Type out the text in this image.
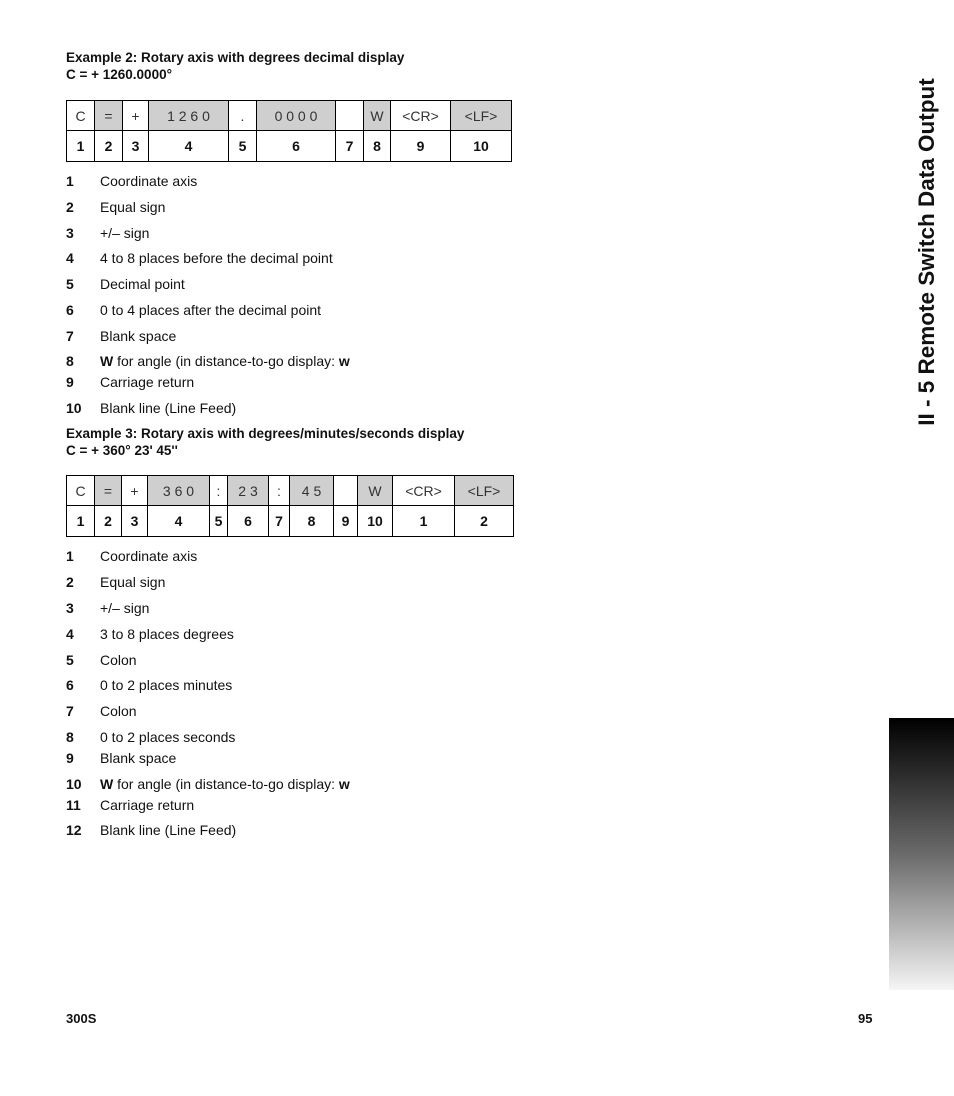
Example 2: Rotary axis with degrees decimal display
C = + 1260.0000°
C	=	+	1 2 6 0	.	0 0 0 0		W	<CR>	<LF>
1	2	3	4	5	6	7	8	9	10
1 Coordinate axis
2 Equal sign
3 +/– sign
4 4 to 8 places before the decimal point
5 Decimal point
6 0 to 4 places after the decimal point
7 Blank space
8 W for angle (in distance-to-go display: w
9 Carriage return
10 Blank line (Line Feed)
Example 3: Rotary axis with degrees/minutes/seconds display
C = + 360° 23' 45''
C	=	+	3 6 0	:	2 3	:	4 5		W	<CR>	<LF>
1	2	3	4	5	6	7	8	9	10	1	2
1 Coordinate axis
2 Equal sign
3 +/– sign
4 3 to 8 places degrees
5 Colon
6 0 to 2 places minutes
7 Colon
8 0 to 2 places seconds
9 Blank space
10 W for angle (in distance-to-go display: w
11 Carriage return
12 Blank line (Line Feed)
II - 5 Remote Switch Data Output
300S	95
